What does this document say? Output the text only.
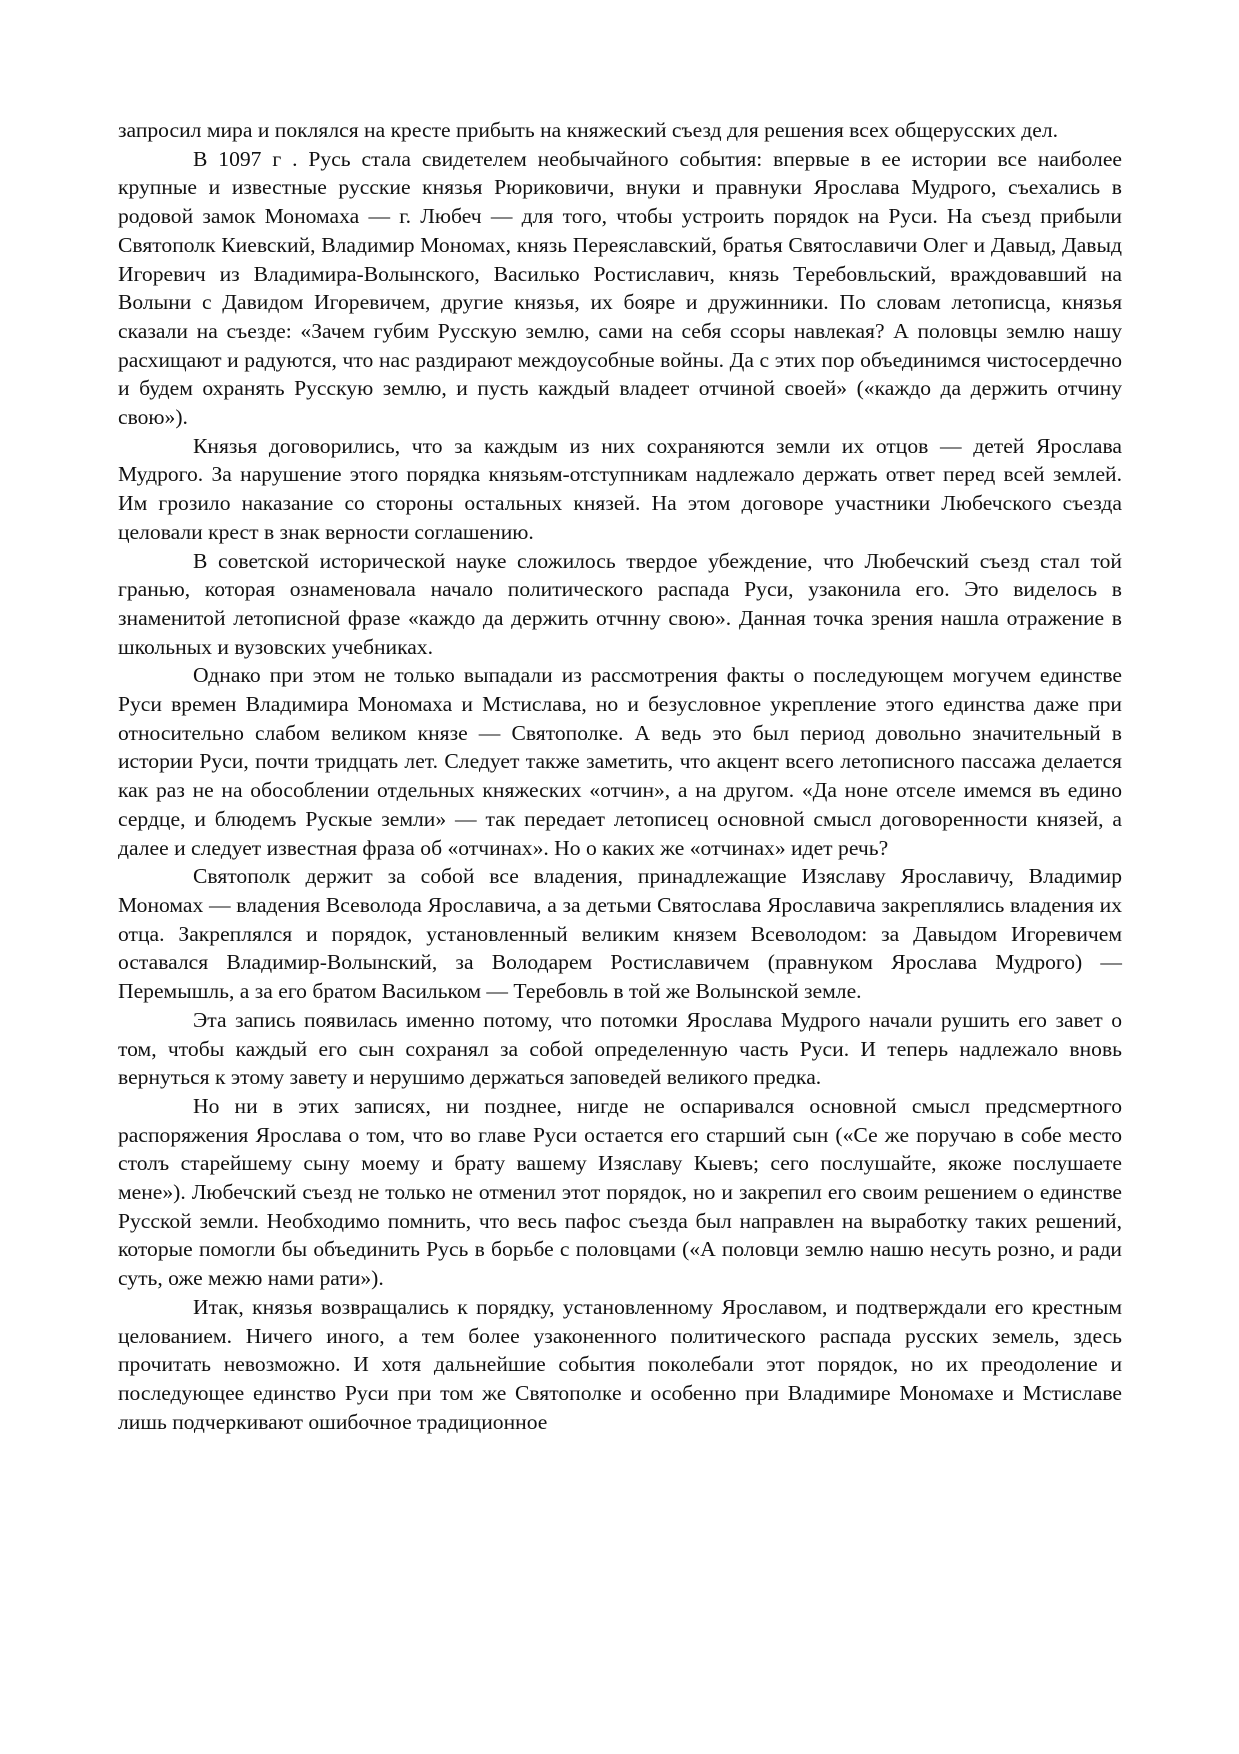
запросил мира и поклялся на кресте прибыть на княжеский съезд для решения всех общерусских дел.

В 1097 г . Русь стала свидетелем необычайного события: впервые в ее истории все наиболее крупные и известные русские князья Рюриковичи, внуки и правнуки Ярослава Мудрого, съехались в родовой замок Мономаха — г. Любеч — для того, чтобы устроить порядок на Руси. На съезд прибыли Святополк Киевский, Владимир Мономах, князь Переяславский, братья Святославичи Олег и Давыд, Давыд Игоревич из Владимира-Волынского, Василько Ростиславич, князь Теребовльский, враждовавший на Волыни с Давидом Игоревичем, другие князья, их бояре и дружинники. По словам летописца, князья сказали на съезде: «Зачем губим Русскую землю, сами на себя ссоры навлекая? А половцы землю нашу расхищают и радуются, что нас раздирают междоусобные войны. Да с этих пор объединимся чистосердечно и будем охранять Русскую землю, и пусть каждый владеет отчиной своей» («каждо да держить отчину свою»).

Князья договорились, что за каждым из них сохраняются земли их отцов — детей Ярослава Мудрого. За нарушение этого порядка князьям-отступникам надлежало держать ответ перед всей землей. Им грозило наказание со стороны остальных князей. На этом договоре участники Любечского съезда целовали крест в знак верности соглашению.

В советской исторической науке сложилось твердое убеждение, что Любечский съезд стал той гранью, которая ознаменовала начало политического распада Руси, узаконила его. Это виделось в знаменитой летописной фразе «каждо да держить отчнну свою». Данная точка зрения нашла отражение в школьных и вузовских учебниках.

Однако при этом не только выпадали из рассмотрения факты о последующем могучем единстве Руси времен Владимира Мономаха и Мстислава, но и безусловное укрепление этого единства даже при относительно слабом великом князе — Святополке. А ведь это был период довольно значительный в истории Руси, почти тридцать лет. Следует также заметить, что акцент всего летописного пассажа делается как раз не на обособлении отдельных княжеских «отчин», а на другом. «Да ноне отселе имемся въ едино сердце, и блюдемъ Рускые земли» — так передает летописец основной смысл договоренности князей, а далее и следует известная фраза об «отчинах». Но о каких же «отчинах» идет речь?

Святополк держит за собой все владения, принадлежащие Изяславу Ярославичу, Владимир Мономах — владения Всеволода Ярославича, а за детьми Святослава Ярославича закреплялись владения их отца. Закреплялся и порядок, установленный великим князем Всеволодом: за Давыдом Игоревичем оставался Владимир-Волынский, за Володарем Ростиславичем (правнуком Ярослава Мудрого) — Перемышль, а за его братом Васильком — Теребовль в той же Волынской земле.

Эта запись появилась именно потому, что потомки Ярослава Мудрого начали рушить его завет о том, чтобы каждый его сын сохранял за собой определенную часть Руси. И теперь надлежало вновь вернуться к этому завету и нерушимо держаться заповедей великого предка.

Но ни в этих записях, ни позднее, нигде не оспаривался основной смысл предсмертного распоряжения Ярослава о том, что во главе Руси остается его старший сын («Се же поручаю в собе место столъ старейшему сыну моему и брату вашему Изяславу Кыевъ; сего послушайте, якоже послушаете мене»). Любечский съезд не только не отменил этот порядок, но и закрепил его своим решением о единстве Русской земли. Необходимо помнить, что весь пафос съезда был направлен на выработку таких решений, которые помогли бы объединить Русь в борьбе с половцами («А половци землю нашю несуть розно, и ради суть, оже межю нами рати»).

Итак, князья возвращались к порядку, установленному Ярославом, и подтверждали его крестным целованием. Ничего иного, а тем более узаконенного политического распада русских земель, здесь прочитать невозможно. И хотя дальнейшие события поколебали этот порядок, но их преодоление и последующее единство Руси при том же Святополке и особенно при Владимире Мономахе и Мстиславе лишь подчеркивают ошибочное традиционное
